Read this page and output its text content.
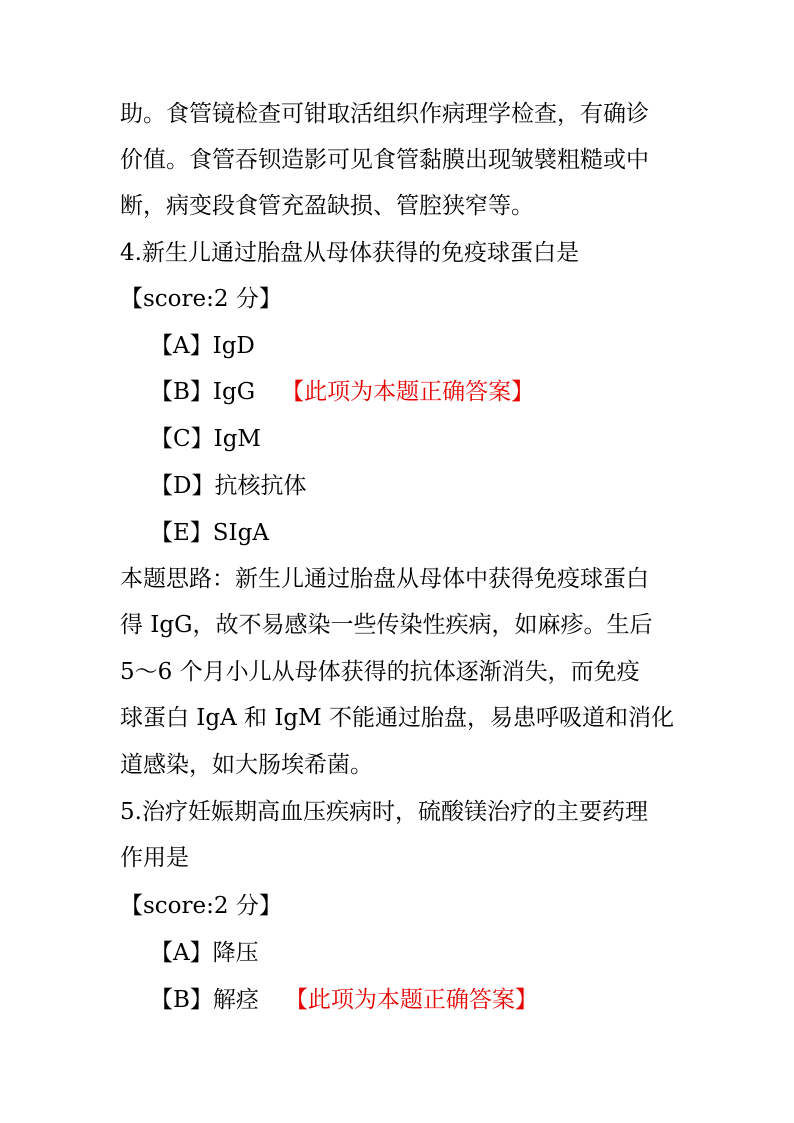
助。食管镜检查可钳取活组织作病理学检查，有确诊
价值。食管吞钡造影可见食管黏膜出现皱襞粗糙或中
断，病变段食管充盈缺损、管腔狭窄等。
4.新生儿通过胎盘从母体获得的免疫球蛋白是
【score:2 分】
【A】IgD
【B】IgG 【此项为本题正确答案】
【C】IgM
【D】抗核抗体
【E】SIgA
本题思路：新生儿通过胎盘从母体中获得免疫球蛋白
得 IgG，故不易感染一些传染性疾病，如麻疹。生后
5～6 个月小儿从母体获得的抗体逐渐消失，而免疫
球蛋白 IgA 和 IgM 不能通过胎盘，易患呼吸道和消化
道感染，如大肠埃希菌。
5.治疗妊娠期高血压疾病时，硫酸镁治疗的主要药理
作用是
【score:2 分】
【A】降压
【B】解痉 【此项为本题正确答案】
